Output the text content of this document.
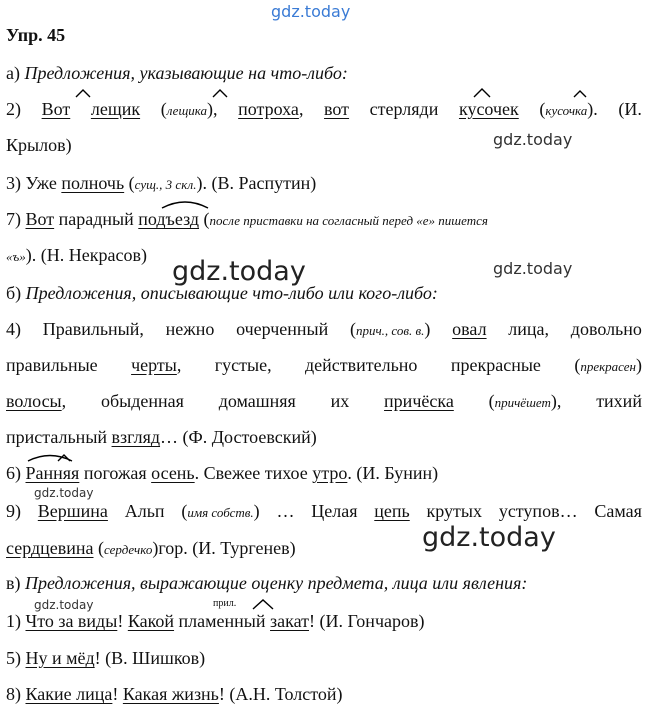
gdz.today
gdz.today
gdz.today	gdz.today
gdz.today
gdz.today
gdz.today
Упр. 45
а) Предложения, указывающие на что-либо:
2) Вот лещик (лещика), потроха, вот стерляди кусочек (кусочка). (И.
Крылов)
3) Уже полночь (сущ., 3 скл.). (В. Распутин)
7) Вот парадный подъезд (после приставки на согласный перед «е» пишется
«ъ»). (Н. Некрасов)
б) Предложения, описывающие что-либо или кого-либо:
4) Правильный, нежно очерченный (прич., сов. в.) овал лица, довольно
правильные черты, густые, действительно прекрасные (прекрасен)
волосы, обыденная домашняя их причёска (причёшет), тихий
пристальный взгляд… (Ф. Достоевский)
6) Ранняя погожая осень. Свежее тихое утро. (И. Бунин)
9) Вершина Альп (имя собств.) … Целая цепь крутых уступов… Самая
сердцевина (сердечко)гор. (И. Тургенев)
в) Предложения, выражающие оценку предмета, лица или явления:
прил.
1) Что за виды! Какой пламенный закат! (И. Гончаров)
5) Ну и мёд! (В. Шишков)
8) Какие лица! Какая жизнь! (А.Н. Толстой)
